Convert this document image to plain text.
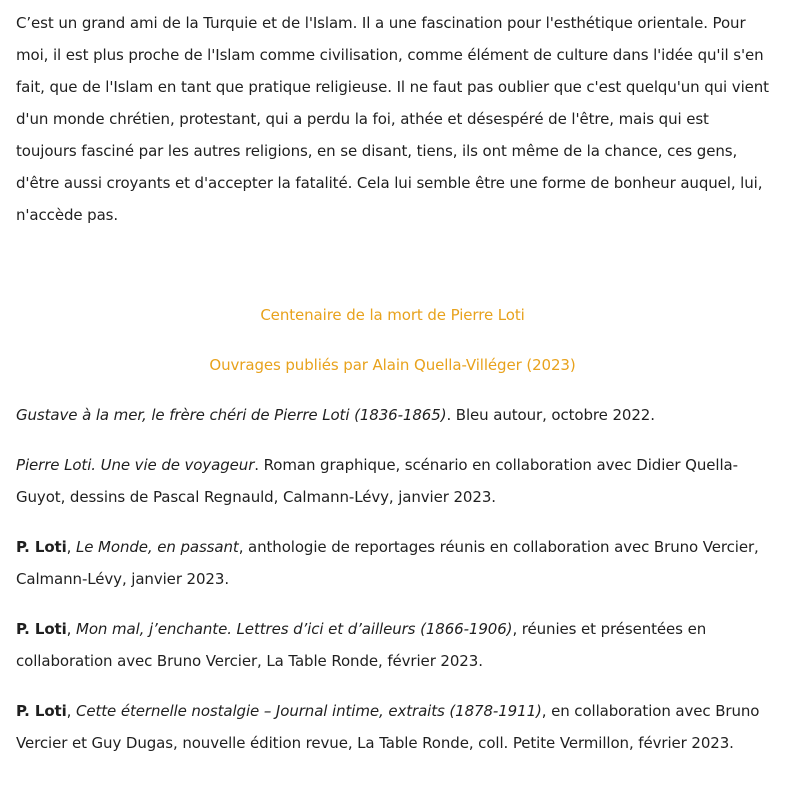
C’est un grand ami de la Turquie et de l'Islam. Il a une fascination pour l'esthétique orientale. Pour moi, il est plus proche de l'Islam comme civilisation, comme élément de culture dans l'idée qu'il s'en fait, que de l'Islam en tant que pratique religieuse. Il ne faut pas oublier que c'est quelqu'un qui vient d'un monde chrétien, protestant, qui a perdu la foi, athée et désespéré de l'être, mais qui est toujours fasciné par les autres religions, en se disant, tiens, ils ont même de la chance, ces gens, d'être aussi croyants et d'accepter la fatalité. Cela lui semble être une forme de bonheur auquel, lui, n'accède pas.

Centenaire de la mort de Pierre Loti

Ouvrages publiés par Alain Quella-Villéger (2023)

Gustave à la mer, le frère chéri de Pierre Loti (1836-1865). Bleu autour, octobre 2022.

Pierre Loti. Une vie de voyageur. Roman graphique, scénario en collaboration avec Didier Quella-Guyot, dessins de Pascal Regnauld, Calmann-Lévy, janvier 2023.

P. Loti, Le Monde, en passant, anthologie de reportages réunis en collaboration avec Bruno Vercier, Calmann-Lévy, janvier 2023.

P. Loti, Mon mal, j’enchante. Lettres d’ici et d’ailleurs (1866-1906), réunies et présentées en collaboration avec Bruno Vercier, La Table Ronde, février 2023.

P. Loti, Cette éternelle nostalgie – Journal intime, extraits (1878-1911), en collaboration avec Bruno Vercier et Guy Dugas, nouvelle édition revue, La Table Ronde, coll. Petite Vermillon, février 2023.
